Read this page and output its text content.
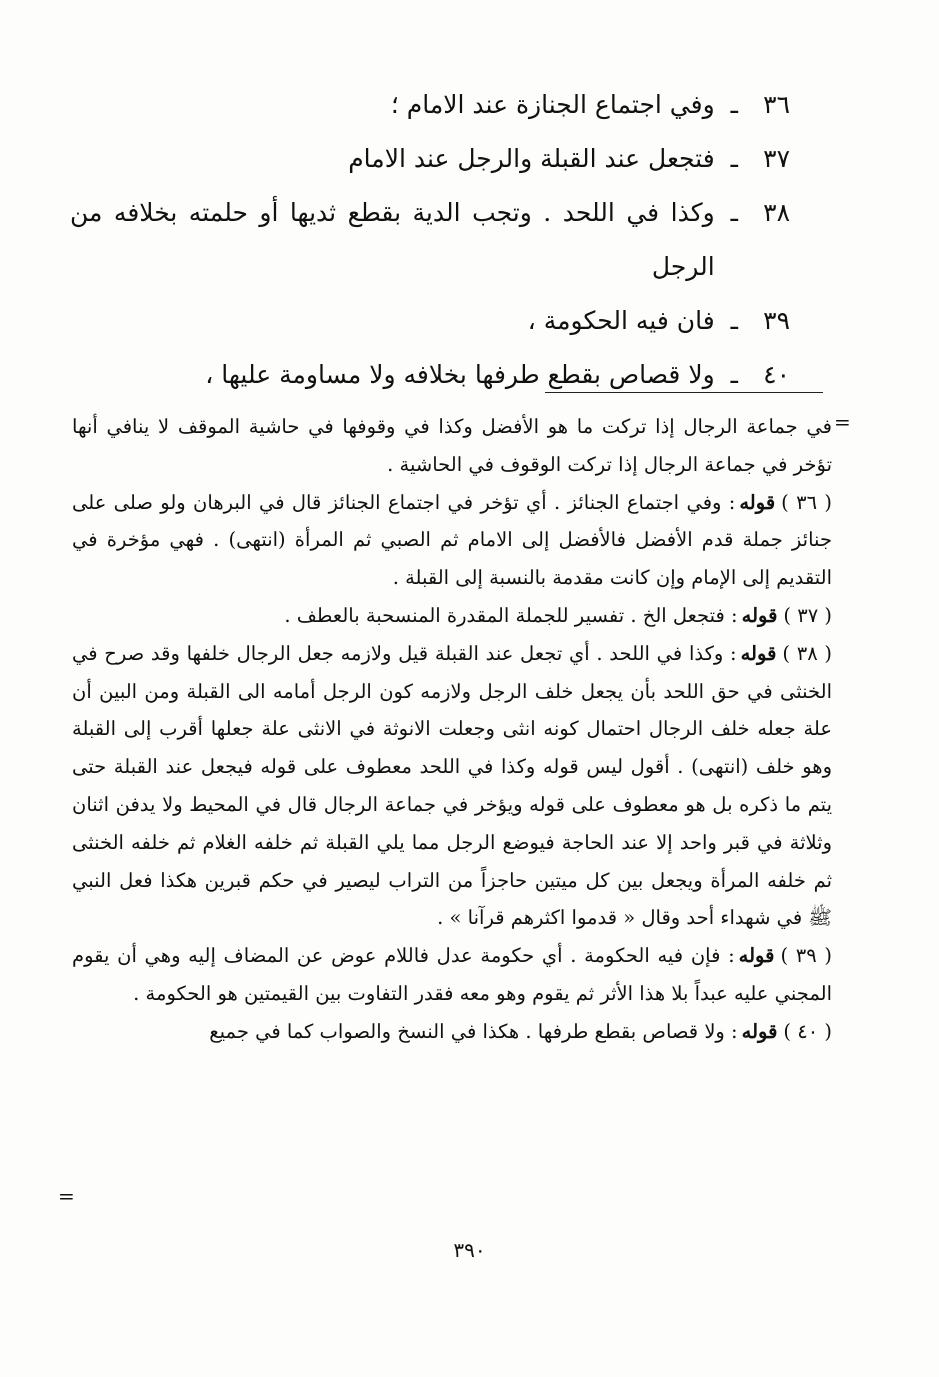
٣٦
ـ
وفي اجتماع الجنازة عند الامام ؛
٣٧
ـ
فتجعل عند القبلة والرجل عند الامام
٣٨
ـ
وكذا في اللحد . وتجب الدية بقطع ثديها أو حلمته بخلافه من الرجل
٣٩
ـ
فان فيه الحكومة ،
٤٠
ـ
ولا قصاص بقطع طرفها بخلافه ولا مساومة عليها ،
=

في جماعة الرجال إذا تركت ما هو الأفضل وكذا في وقوفها في حاشية الموقف لا ينافي أنها تؤخر في جماعة الرجال إذا تركت الوقوف في الحاشية .

( ٣٦ )قوله: وفي اجتماع الجنائز . أي تؤخر في اجتماع الجنائز قال في البرهان ولو صلى على جنائز جملة قدم الأفضل فالأفضل إلى الامام ثم الصبي ثم المرأة (انتهى) . فهي مؤخرة في التقديم إلى الإمام وإن كانت مقدمة بالنسبة إلى القبلة .

( ٣٧ )قوله: فتجعل الخ . تفسير للجملة المقدرة المنسحبة بالعطف .

( ٣٨ )قوله: وكذا في اللحد . أي تجعل عند القبلة قيل ولازمه جعل الرجال خلفها وقد صرح في الخنثى في حق اللحد بأن يجعل خلف الرجل ولازمه كون الرجل أمامه الى القبلة ومن البين أن علة جعله خلف الرجال احتمال كونه انثى وجعلت الانوثة في الانثى علة جعلها أقرب إلى القبلة وهو خلف (انتهى) . أقول ليس قوله وكذا في اللحد معطوف على قوله فيجعل عند القبلة حتى يتم ما ذكره بل هو معطوف على قوله ويؤخر في جماعة الرجال قال في المحيط ولا يدفن اثنان وثلاثة في قبر واحد إلا عند الحاجة فيوضع الرجل مما يلي القبلة ثم خلفه الغلام ثم خلفه الخنثى ثم خلفه المرأة ويجعل بين كل ميتين حاجزاً من التراب ليصير في حكم قبرين هكذا فعل النبي ﷺ في شهداء أحد وقال « قدموا اكثرهم قرآنا » .

( ٣٩ )قوله: فإن فيه الحكومة . أي حكومة عدل فاللام عوض عن المضاف إليه وهي أن يقوم المجني عليه عبداً بلا هذا الأثر ثم يقوم وهو معه فقدر التفاوت بين القيمتين هو الحكومة .

( ٤٠ )قوله: ولا قصاص بقطع طرفها . هكذا في النسخ والصواب كما في جميع

=
٣٩٠
